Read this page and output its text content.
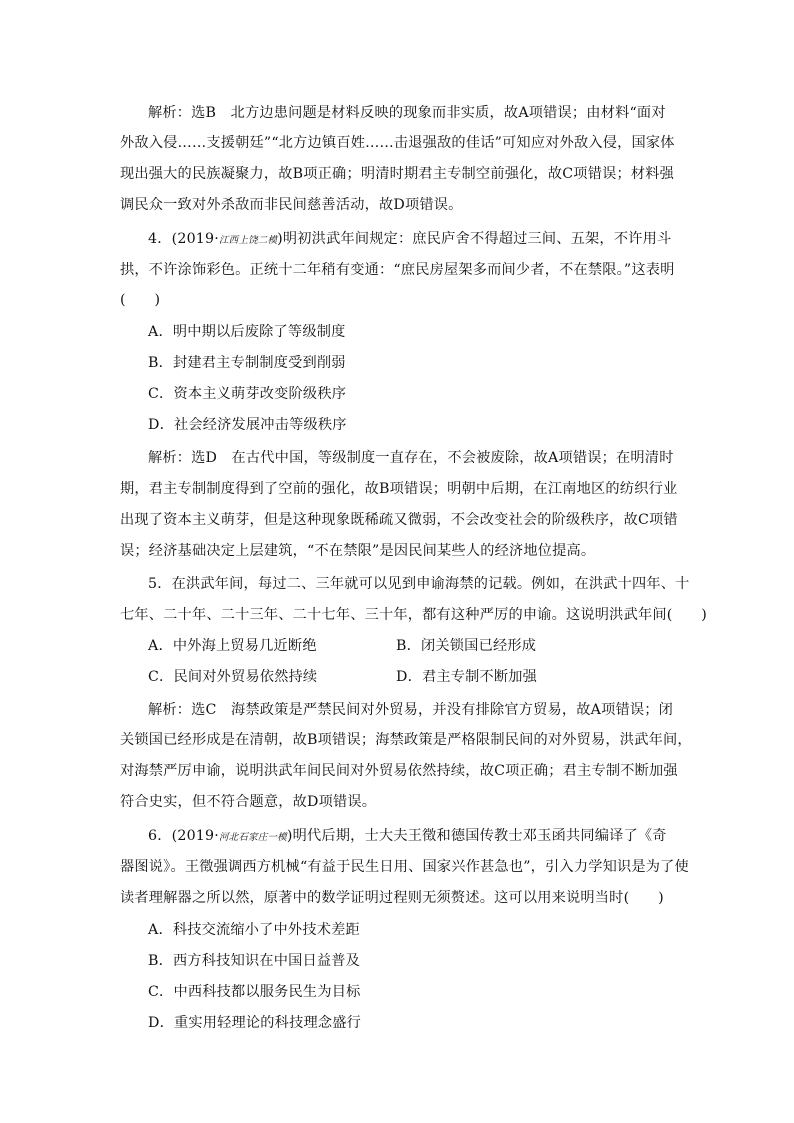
解析：选B　北方边患问题是材料反映的现象而非实质，故A项错误；由材料“面对
外敌入侵……支援朝廷”“北方边镇百姓……击退强敌的佳话”可知应对外敌入侵，国家体
现出强大的民族凝聚力，故B项正确；明清时期君主专制空前强化，故C项错误；材料强
调民众一致对外杀敌而非民间慈善活动，故D项错误。
4．(2019·江西上饶二模)明初洪武年间规定：庶民庐舍不得超过三间、五架，不许用斗
拱，不许涂饰彩色。正统十二年稍有变通：“庶民房屋架多而间少者，不在禁限。”这表明
(　　)
A．明中期以后废除了等级制度
B．封建君主专制制度受到削弱
C．资本主义萌芽改变阶级秩序
D．社会经济发展冲击等级秩序
解析：选D　在古代中国，等级制度一直存在，不会被废除，故A项错误；在明清时
期，君主专制制度得到了空前的强化，故B项错误；明朝中后期，在江南地区的纺织行业
出现了资本主义萌芽，但是这种现象既稀疏又微弱，不会改变社会的阶级秩序，故C项错
误；经济基础决定上层建筑，“不在禁限”是因民间某些人的经济地位提高。
5．在洪武年间，每过二、三年就可以见到申谕海禁的记载。例如，在洪武十四年、十
七年、二十年、二十三年、二十七年、三十年，都有这种严厉的申谕。这说明洪武年间(　　)
A．中外海上贸易几近断绝	B．闭关锁国已经形成
C．民间对外贸易依然持续	D．君主专制不断加强
解析：选C　海禁政策是严禁民间对外贸易，并没有排除官方贸易，故A项错误；闭
关锁国已经形成是在清朝，故B项错误；海禁政策是严格限制民间的对外贸易，洪武年间，
对海禁严厉申谕，说明洪武年间民间对外贸易依然持续，故C项正确；君主专制不断加强
符合史实，但不符合题意，故D项错误。
6．(2019·河北石家庄一模)明代后期，士大夫王徵和德国传教士邓玉函共同编译了《奇
器图说》。王徵强调西方机械“有益于民生日用、国家兴作甚急也”，引入力学知识是为了使
读者理解器之所以然，原著中的数学证明过程则无须赘述。这可以用来说明当时(　　)
A．科技交流缩小了中外技术差距
B．西方科技知识在中国日益普及
C．中西科技都以服务民生为目标
D．重实用轻理论的科技理念盛行
